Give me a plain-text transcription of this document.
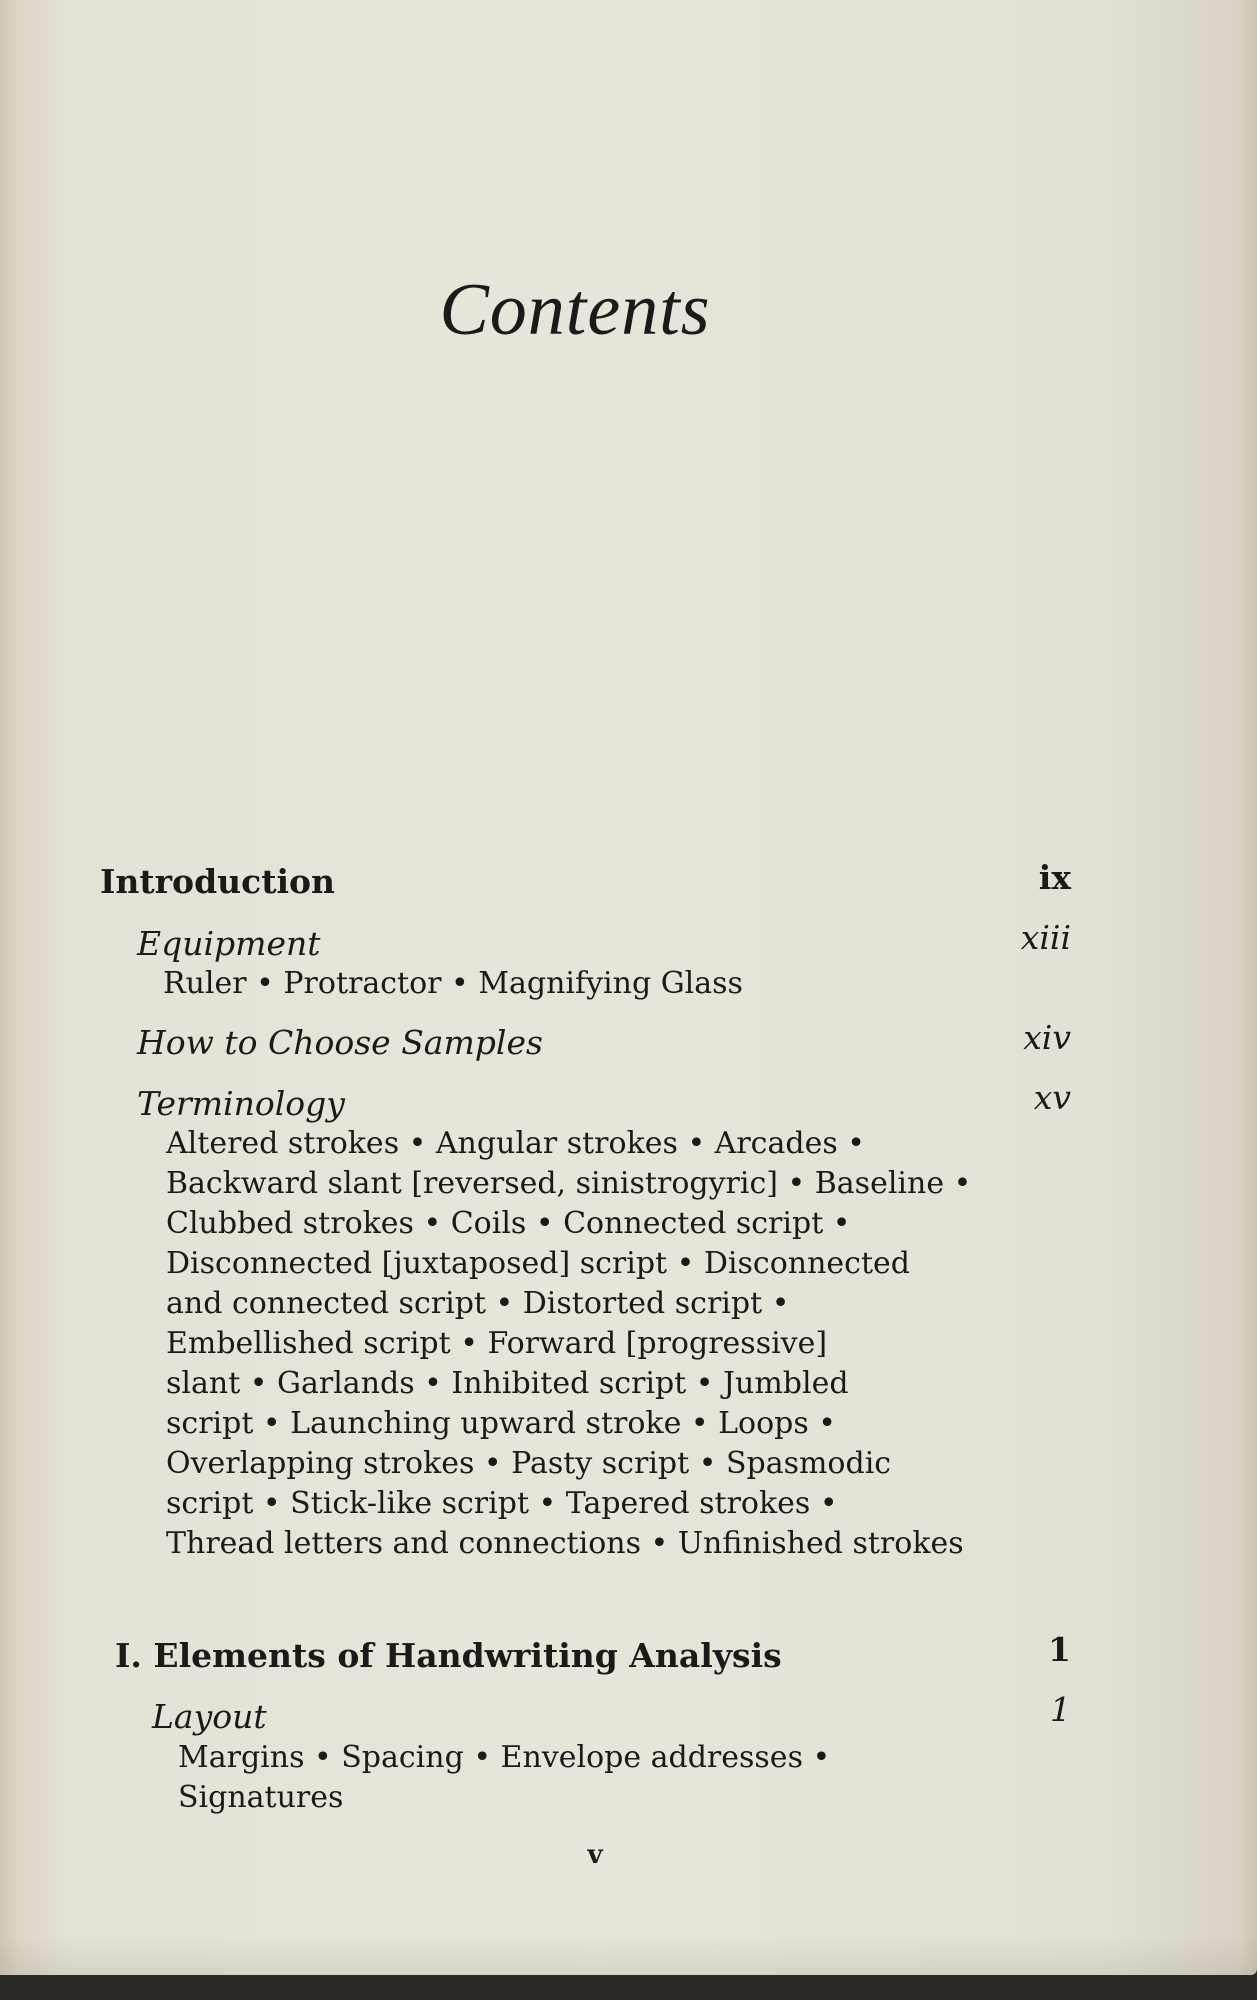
Contents
Introduction	ix
Equipment	xiii
Ruler • Protractor • Magnifying Glass
How to Choose Samples	xiv
Terminology	xv
Altered strokes • Angular strokes • Arcades •
Backward slant [reversed, sinistrogyric] • Baseline •
Clubbed strokes • Coils • Connected script •
Disconnected [juxtaposed] script • Disconnected
and connected script • Distorted script •
Embellished script • Forward [progressive]
slant • Garlands • Inhibited script • Jumbled
script • Launching upward stroke • Loops •
Overlapping strokes • Pasty script • Spasmodic
script • Stick-like script • Tapered strokes •
Thread letters and connections • Unfinished strokes
I. Elements of Handwriting Analysis	1
Layout	1
Margins • Spacing • Envelope addresses •
Signatures
v
